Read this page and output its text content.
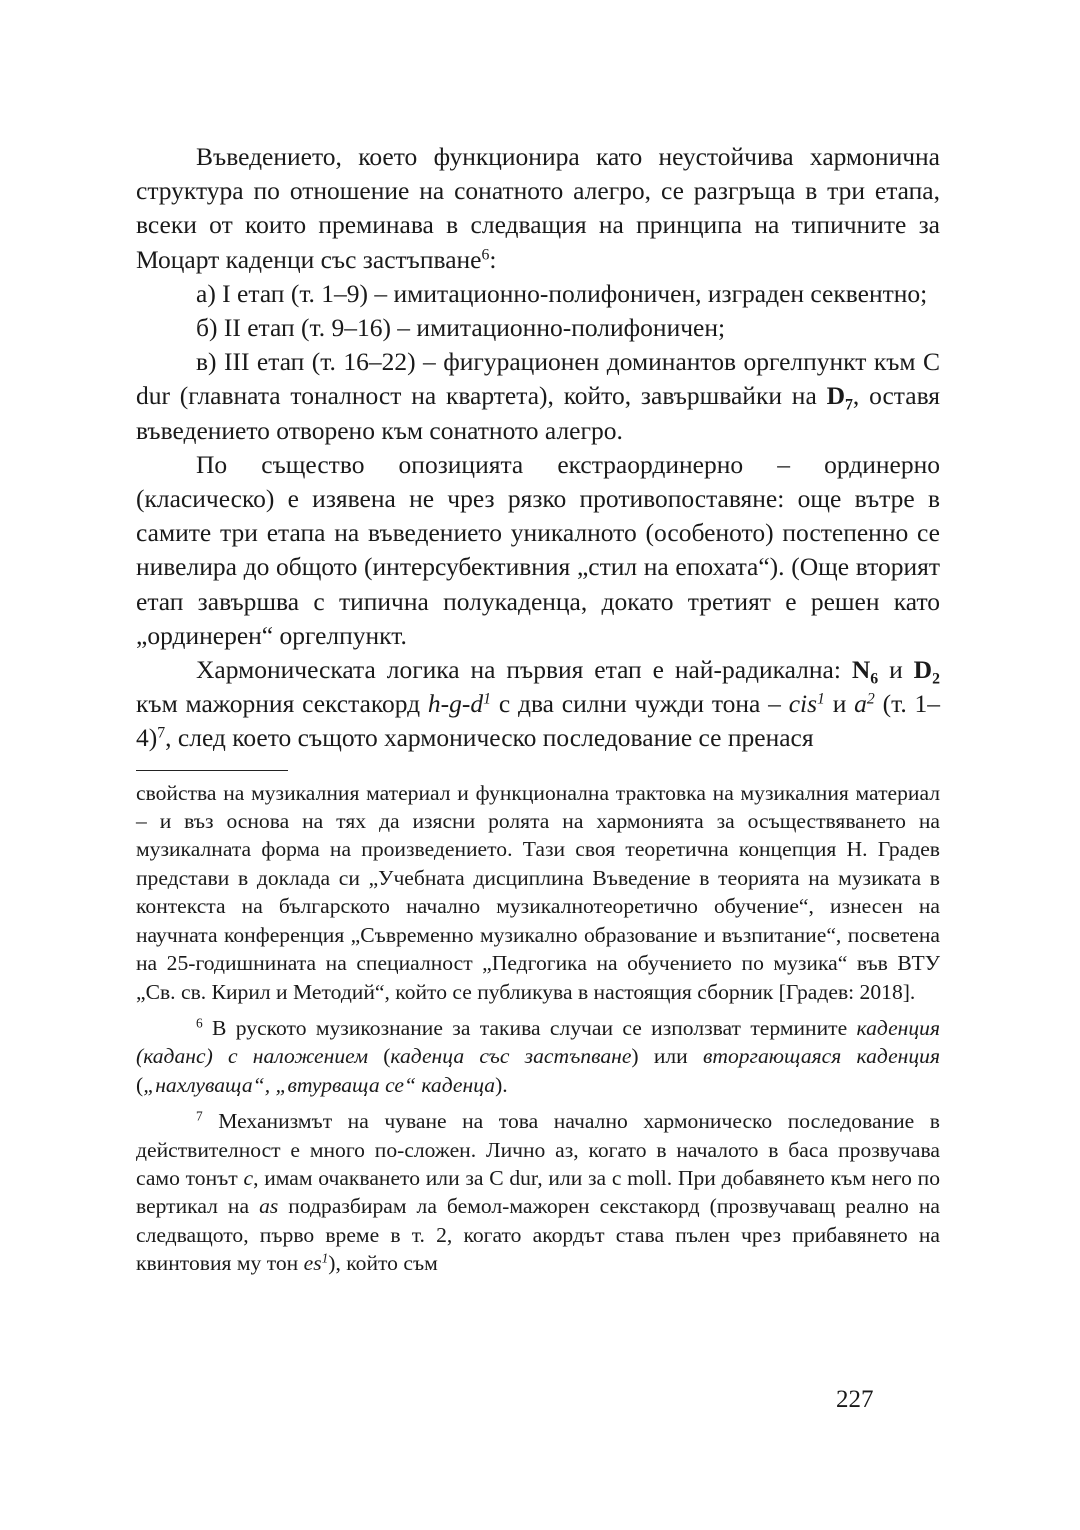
Въведението, което функционира като неустойчива хармонична структура по отношение на сонатното алегро, се разгръща в три етапа, всеки от които преминава в следващия на принципа на типичните за Моцарт каденци със застъпване$^6$:

а) I етап (т. 1–9) – имитационно-полифоничен, изграден секвентно;

б) II етап (т. 9–16) – имитационно-полифоничен;

в) III етап (т. 16–22) – фигурационен доминантов оргелпункт към C dur (главната тоналност на квартета), който, завършвайки на $D_7$, оставя въведението отворено към сонатното алегро.

По същество опозицията екстраординерно – ординерно (класическо) е изявена не чрез рязко противопоставяне: още вътре в самите три етапа на въведението уникалното (особеното) постепенно се нивелира до общото (интерсубективния „стил на епохата“). (Още вторият етап завършва с типична полукаденца, докато третият е решен като „ординерен“ оргелпункт.

Хармоническата логика на първия етап е най-радикална: $N_6$ и $D_2$ към мажорния секстакорд $h-g-d^1$ с два силни чужди тона – cis$^1$ и $a^2$ (т. 1–4)$^7$, след което същото хармоническо последование се пренася

свойства на музикалния материал и функционална трактовка на музикалния материал – и въз основа на тях да изясни ролята на хармонията за осъществяването на музикалната форма на произведението. Тази своя теоретична концепция Н. Градев представи в доклада си „Учебната дисциплина Въведение в теорията на музиката в контекста на българското начално музикалнотеоретично обучение“, изнесен на научната конференция „Съвременно музикално образование и възпитание“, посветена на 25-годишнината на специалност „Педгогика на обучението по музика“ във ВТУ „Св. св. Кирил и Методий“, който се публикува в настоящия сборник [Градев: 2018].

$^6$ В руското музикознание за такива случаи се използват термините каденция (каданс) с наложением (каденца със застъпване) или вторгающаяся каденция („нахлуваща“, „втурваща се“ каденца).

$^7$ Механизмът на чуване на това начално хармоническо последование в действителност е много по-сложен. Лично аз, когато в началото в баса прозвучава само тонът c, имам очакването или за C dur, или за c moll. При добавянето към него по вертикал на as подразбирам ла бемол-мажорен секстакорд (прозвучаващ реално на следващото, първо време в т. 2, когато акордът става пълен чрез прибавянето на квинтовия му тон $es^1$), който съм

227
